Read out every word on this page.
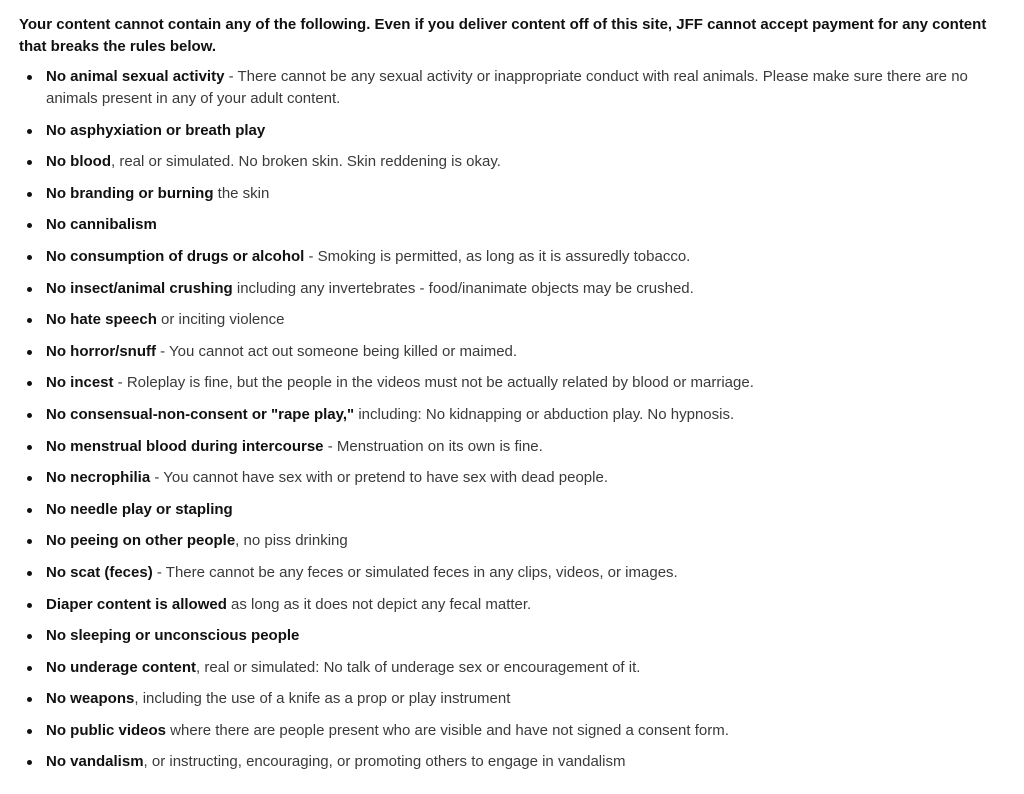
Your content cannot contain any of the following. Even if you deliver content off of this site, JFF cannot accept payment for any content that breaks the rules below.

No animal sexual activity - There cannot be any sexual activity or inappropriate conduct with real animals. Please make sure there are no animals present in any of your adult content.
No asphyxiation or breath play
No blood, real or simulated. No broken skin. Skin reddening is okay.
No branding or burning the skin
No cannibalism
No consumption of drugs or alcohol - Smoking is permitted, as long as it is assuredly tobacco.
No insect/animal crushing including any invertebrates - food/inanimate objects may be crushed.
No hate speech or inciting violence
No horror/snuff - You cannot act out someone being killed or maimed.
No incest - Roleplay is fine, but the people in the videos must not be actually related by blood or marriage.
No consensual-non-consent or "rape play," including: No kidnapping or abduction play. No hypnosis.
No menstrual blood during intercourse - Menstruation on its own is fine.
No necrophilia - You cannot have sex with or pretend to have sex with dead people.
No needle play or stapling
No peeing on other people, no piss drinking
No scat (feces) - There cannot be any feces or simulated feces in any clips, videos, or images.
Diaper content is allowed as long as it does not depict any fecal matter.
No sleeping or unconscious people
No underage content, real or simulated: No talk of underage sex or encouragement of it.
No weapons, including the use of a knife as a prop or play instrument
No public videos where there are people present who are visible and have not signed a consent form.
No vandalism, or instructing, encouraging, or promoting others to engage in vandalism
